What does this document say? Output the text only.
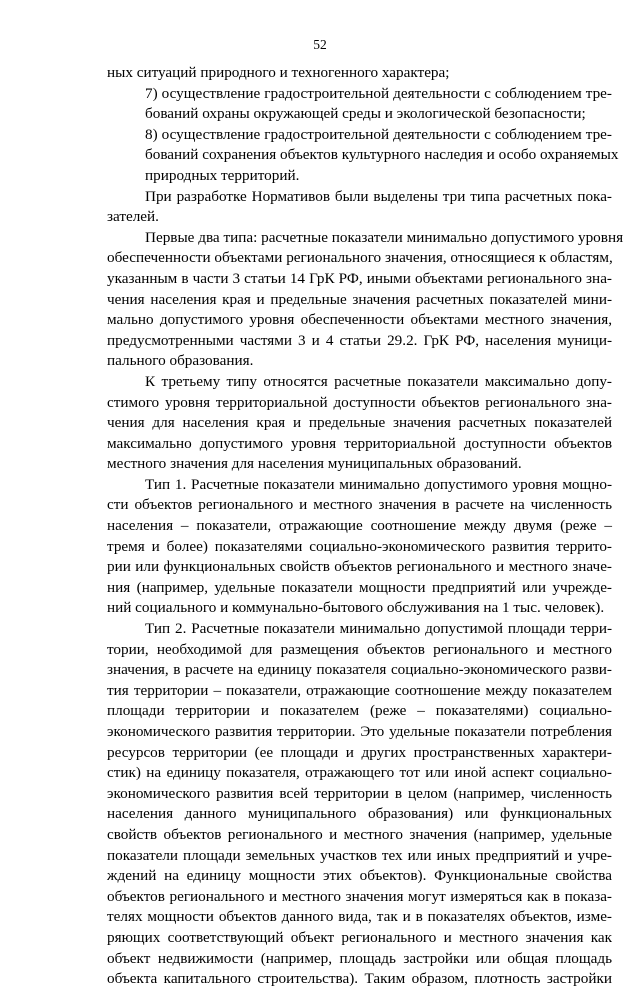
52
ных ситуаций природного и техногенного характера;
7) осуществление градостроительной деятельности с соблюдением тре-
бований охраны окружающей среды и экологической безопасности;
8) осуществление градостроительной деятельности с соблюдением тре-
бований сохранения объектов культурного наследия и особо охраняемых
природных территорий.
При разработке Нормативов были выделены три типа расчетных пока-
зателей.
Первые два типа: расчетные показатели минимально допустимого уровня
обеспеченности объектами регионального значения, относящиеся к областям,
указанным в части 3 статьи 14 ГрК РФ, иными объектами регионального зна-
чения населения края и предельные значения расчетных показателей мини-
мально допустимого уровня обеспеченности объектами местного значения,
предусмотренными частями 3 и 4 статьи 29.2. ГрК РФ, населения муници-
пального образования.
К третьему типу относятся расчетные показатели максимально допу-
стимого уровня территориальной доступности объектов регионального зна-
чения для населения края и предельные значения расчетных показателей
максимально допустимого уровня территориальной доступности объектов
местного значения для населения муниципальных образований.
Тип 1. Расчетные показатели минимально допустимого уровня мощно-
сти объектов регионального и местного значения в расчете на численность
населения – показатели, отражающие соотношение между двумя (реже –
тремя и более) показателями социально-экономического развития террито-
рии или функциональных свойств объектов регионального и местного значе-
ния (например, удельные показатели мощности предприятий или учрежде-
ний социального и коммунально-бытового обслуживания на 1 тыс. человек).
Тип 2. Расчетные показатели минимально допустимой площади терри-
тории, необходимой для размещения объектов регионального и местного
значения, в расчете на единицу показателя социально-экономического разви-
тия территории – показатели, отражающие соотношение между показателем
площади территории и показателем (реже – показателями) социально-
экономического развития территории. Это удельные показатели потребления
ресурсов территории (ее площади и других пространственных характери-
стик) на единицу показателя, отражающего тот или иной аспект социально-
экономического развития всей территории в целом (например, численность
населения данного муниципального образования) или функциональных
свойств объектов регионального и местного значения (например, удельные
показатели площади земельных участков тех или иных предприятий и учре-
ждений на единицу мощности этих объектов). Функциональные свойства
объектов регионального и местного значения могут измеряться как в показа-
телях мощности объектов данного вида, так и в показателях объектов, изме-
ряющих соответствующий объект регионального и местного значения как
объект недвижимости (например, площадь застройки или общая площадь
объекта капитального строительства). Таким образом, плотность застройки
